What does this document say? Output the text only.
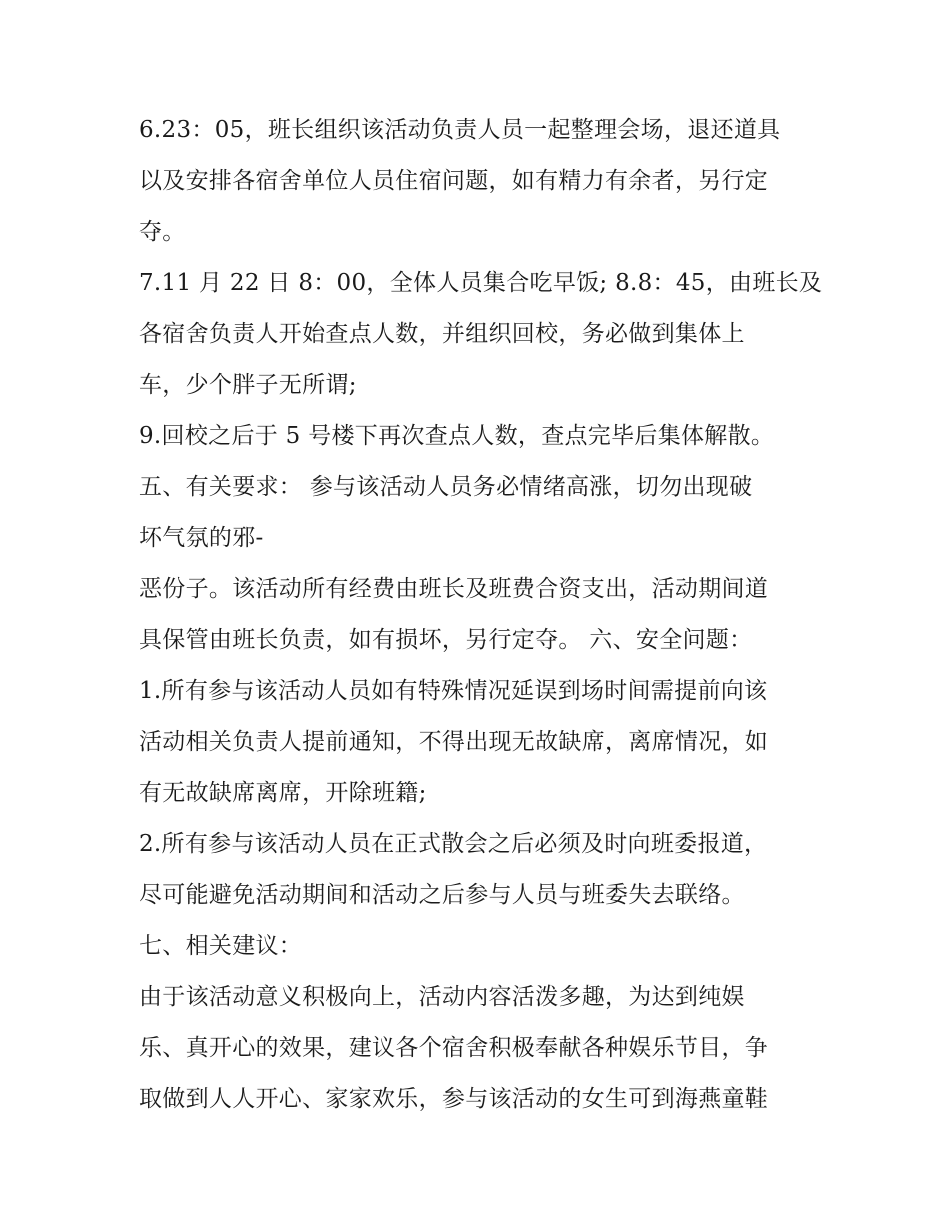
6.23：05，班长组织该活动负责人员一起整理会场，退还道具
以及安排各宿舍单位人员住宿问题，如有精力有余者，另行定
夺。
7.11 月 22 日 8：00，全体人员集合吃早饭; 8.8：45，由班长及
各宿舍负责人开始查点人数，并组织回校，务必做到集体上
车，少个胖子无所谓;
9.回校之后于 5 号楼下再次查点人数，查点完毕后集体解散。
五、有关要求： 参与该活动人员务必情绪高涨，切勿出现破
坏气氛的邪-
恶份子。该活动所有经费由班长及班费合资支出，活动期间道
具保管由班长负责，如有损坏，另行定夺。 六、安全问题：
1.所有参与该活动人员如有特殊情况延误到场时间需提前向该
活动相关负责人提前通知，不得出现无故缺席，离席情况，如
有无故缺席离席，开除班籍;
2.所有参与该活动人员在正式散会之后必须及时向班委报道，
尽可能避免活动期间和活动之后参与人员与班委失去联络。
七、相关建议：
由于该活动意义积极向上，活动内容活泼多趣，为达到纯娱
乐、真开心的效果，建议各个宿舍积极奉献各种娱乐节目，争
取做到人人开心、家家欢乐，参与该活动的女生可到海燕童鞋
